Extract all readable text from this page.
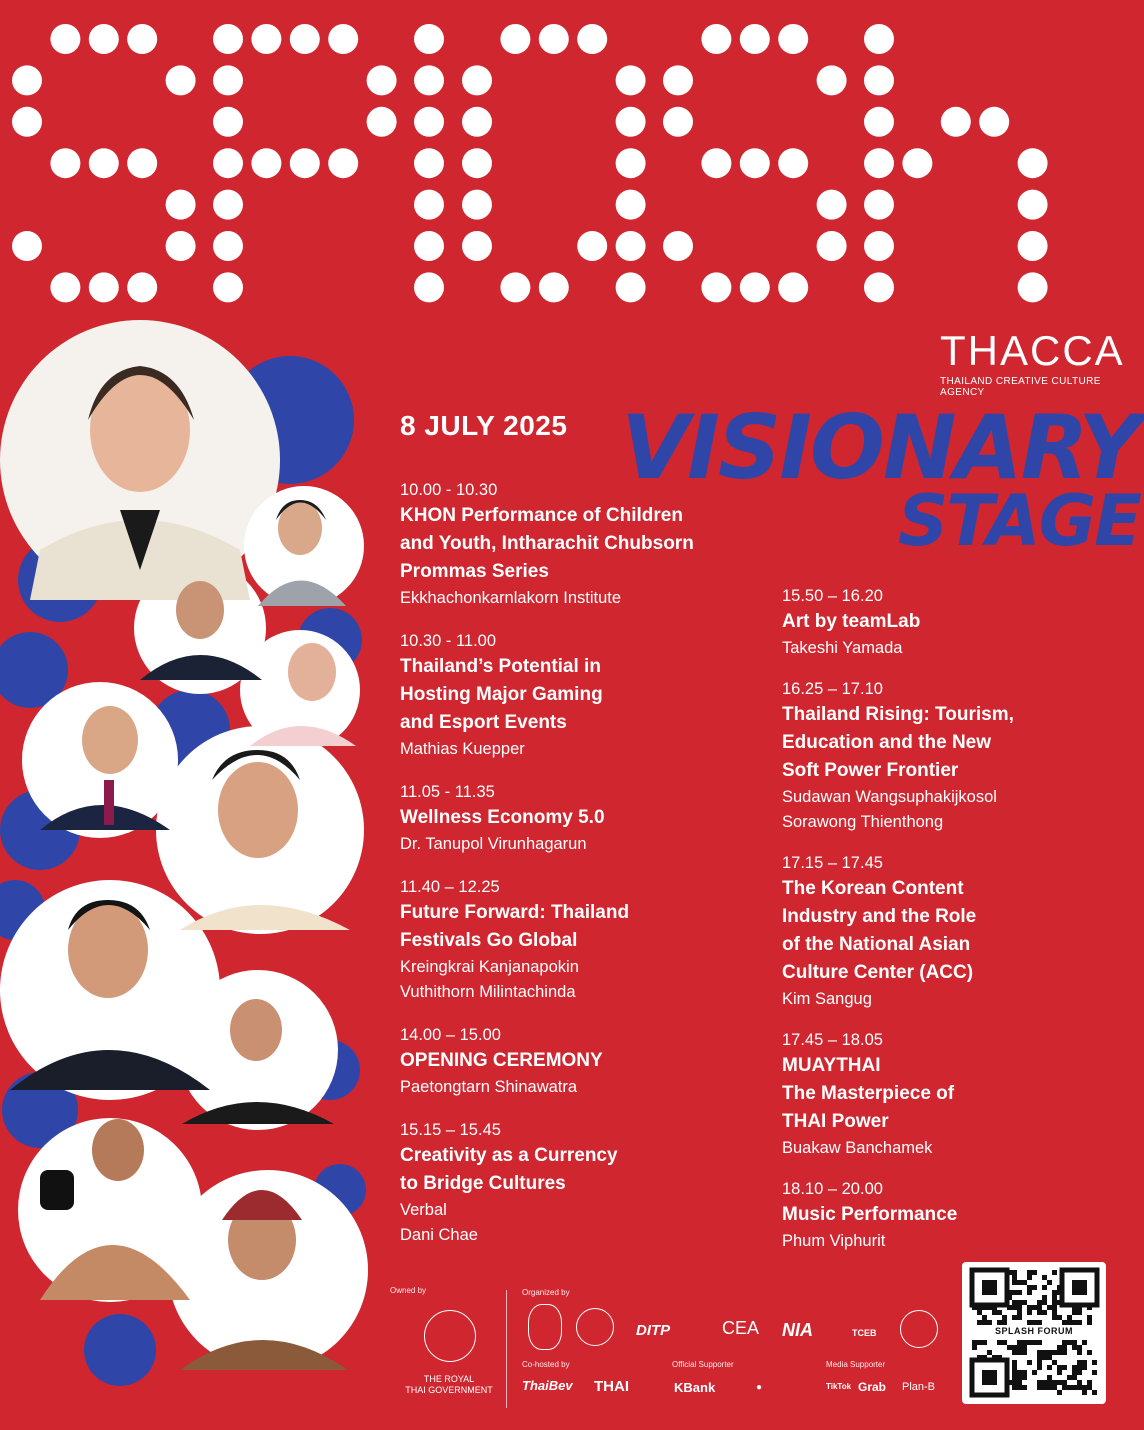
THACCA
THAILAND CREATIVE CULTURE AGENCY
8 JULY 2025 VISIONARY
STAGE
10.00 - 10.30
KHON Performance of Children
and Youth, Intharachit Chubsorn
Prommas Series
Ekkhachonkarnlakorn Institute
10.30 - 11.00
Thailand’s Potential in
Hosting Major Gaming
and Esport Events
Mathias Kuepper
11.05 - 11.35
Wellness Economy 5.0
Dr. Tanupol Virunhagarun
11.40 – 12.25
Future Forward: Thailand
Festivals Go Global
Kreingkrai Kanjanapokin
Vuthithorn Milintachinda
14.00 – 15.00
OPENING CEREMONY
Paetongtarn Shinawatra
15.15 – 15.45
Creativity as a Currency
to Bridge Cultures
Verbal
Dani Chae
15.50 – 16.20
Art by teamLab
Takeshi Yamada
16.25 – 17.10
Thailand Rising: Tourism,
Education and the New
Soft Power Frontier
Sudawan Wangsuphakijkosol
Sorawong Thienthong
17.15 – 17.45
The Korean Content
Industry and the Role
of the National Asian
Culture Center (ACC)
Kim Sangug
17.45 – 18.05
MUAYTHAI
The Masterpiece of
THAI Power
Buakaw Banchamek
18.10 – 20.00
Music Performance
Phum Viphurit
Owned by
THE ROYAL
THAI GOVERNMENT
Organized by
DITP	CEA NIA	TCEB
Co-hosted by
ThaiBev
Official Supporter
THAI	KBank	●
Media Supporter
TikTok Grab Plan-B
SPLASH FORUM
